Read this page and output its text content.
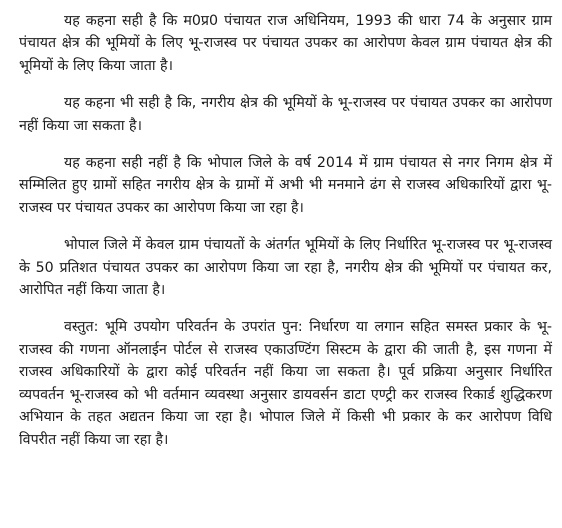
यह कहना सही है कि म0प्र0 पंचायत राज अधिनियम, 1993 की धारा 74 के अनुसार ग्राम पंचायत क्षेत्र की भूमियों के लिए भू-राजस्व पर पंचायत उपकर का आरोपण केवल ग्राम पंचायत क्षेत्र की भूमियों के लिए किया जाता है।

यह कहना भी सही है कि, नगरीय क्षेत्र की भूमियों के भू-राजस्व पर पंचायत उपकर का आरोपण नहीं किया जा सकता है।

यह कहना सही नहीं है कि भोपाल जिले के वर्ष 2014 में ग्राम पंचायत से नगर निगम क्षेत्र में सम्मिलित हुए ग्रामों सहित नगरीय क्षेत्र के ग्रामों में अभी भी मनमाने ढंग से राजस्व अधिकारियों द्वारा भू-राजस्व पर पंचायत उपकर का आरोपण किया जा रहा है।

भोपाल जिले में केवल ग्राम पंचायतों के अंतर्गत भूमियों के लिए निर्धारित भू-राजस्व पर भू-राजस्व के 50 प्रतिशत पंचायत उपकर का आरोपण किया जा रहा है, नगरीय क्षेत्र की भूमियों पर पंचायत कर, आरोपित नहीं किया जाता है।

वस्तुत: भूमि उपयोग परिवर्तन के उपरांत पुन: निर्धारण या लगान सहित समस्त प्रकार के भू-राजस्व की गणना ऑनलाईन पोर्टल से राजस्व एकाउण्टिंग सिस्टम के द्वारा की जाती है, इस गणना में राजस्व अधिकारियों के द्वारा कोई परिवर्तन नहीं किया जा सकता है। पूर्व प्रक्रिया अनुसार निर्धारित व्यपवर्तन भू-राजस्व को भी वर्तमान व्यवस्था अनुसार डायवर्सन डाटा एण्ट्री कर राजस्व रिकार्ड शुद्धिकरण अभियान के तहत अद्यतन किया जा रहा है। भोपाल जिले में किसी भी प्रकार के कर आरोपण विधि विपरीत नहीं किया जा रहा है।
